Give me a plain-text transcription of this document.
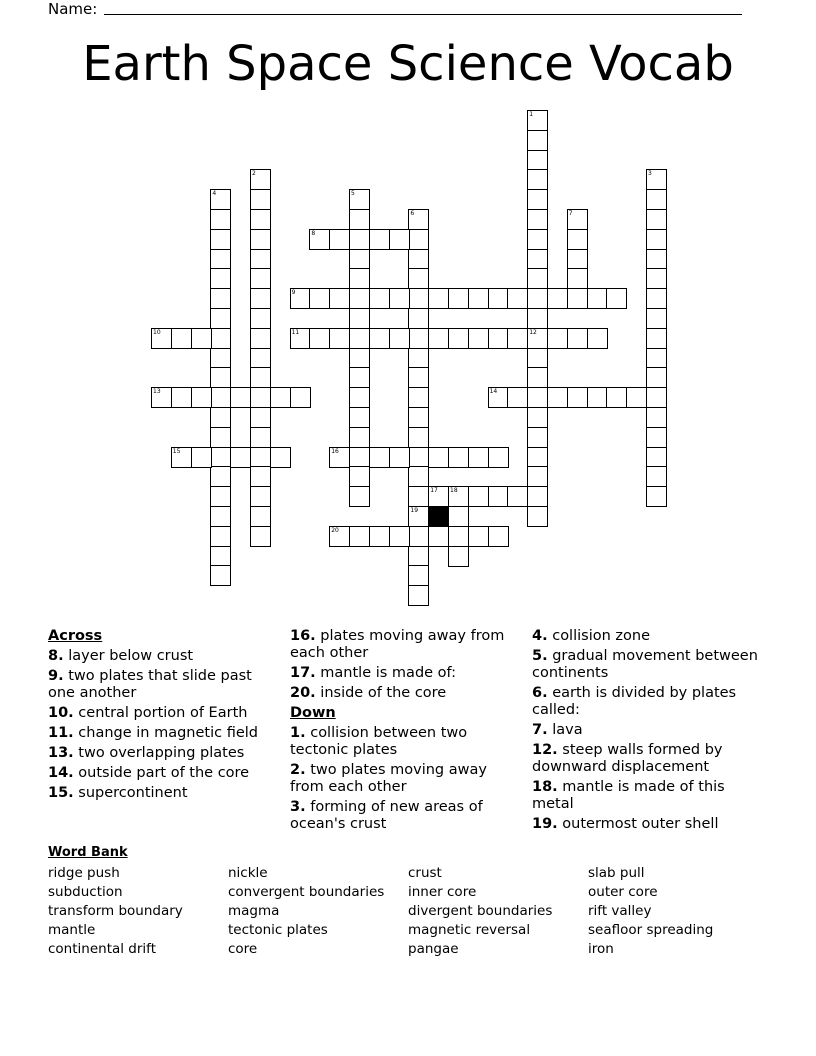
Name:
Earth Space Science Vocab
1
12
2	3
4	5
6	7
8
9
10	11
13	14
15	16
17 18
19
20
Across
8. layer below crust
9. two plates that slide past one another
10. central portion of Earth
11. change in magnetic field
13. two overlapping plates
14. outside part of the core
15. supercontinent
16. plates moving away from each other
17. mantle is made of:
20. inside of the core
Down
1. collision between two tectonic plates
2. two plates moving away from each other
3. forming of new areas of ocean's crust
4. collision zone
5. gradual movement between continents
6. earth is divided by plates called:
7. lava
12. steep walls formed by downward displacement
18. mantle is made of this metal
19. outermost outer shell
Word Bank
ridge push
subduction
transform boundary
mantle
continental drift
nickle
convergent boundaries
magma
tectonic plates
core
crust
inner core
divergent boundaries
magnetic reversal
pangae
slab pull
outer core
rift valley
seafloor spreading
iron
